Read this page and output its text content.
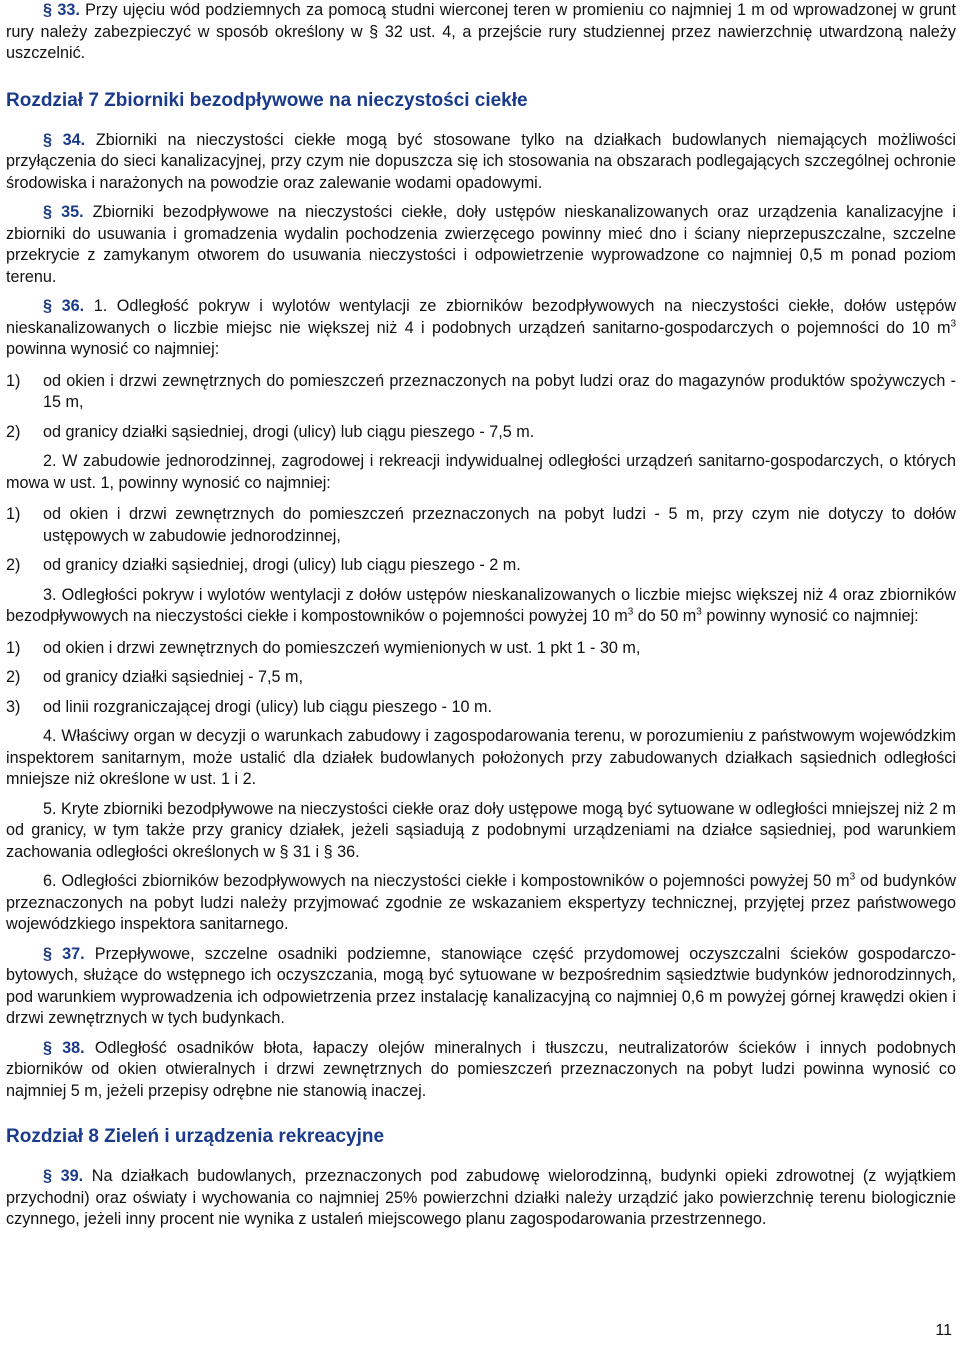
§ 33. Przy ujęciu wód podziemnych za pomocą studni wierconej teren w promieniu co najmniej 1 m od wprowadzonej w grunt rury należy zabezpieczyć w sposób określony w § 32 ust. 4, a przejście rury studziennej przez nawierzchnię utwardzoną należy uszczelnić.

Rozdział 7 Zbiorniki bezodpływowe na nieczystości ciekłe

§ 34. Zbiorniki na nieczystości ciekłe mogą być stosowane tylko na działkach budowlanych niemających możliwości przyłączenia do sieci kanalizacyjnej, przy czym nie dopuszcza się ich stosowania na obszarach podlegających szczególnej ochronie środowiska i narażonych na powodzie oraz zalewanie wodami opadowymi.

§ 35. Zbiorniki bezodpływowe na nieczystości ciekłe, doły ustępów nieskanalizowanych oraz urządzenia kanalizacyjne i zbiorniki do usuwania i gromadzenia wydalin pochodzenia zwierzęcego powinny mieć dno i ściany nieprzepuszczalne, szczelne przekrycie z zamykanym otworem do usuwania nieczystości i odpowietrzenie wyprowadzone co najmniej 0,5 m ponad poziom terenu.

§ 36. 1. Odległość pokryw i wylotów wentylacji ze zbiorników bezodpływowych na nieczystości ciekłe, dołów ustępów nieskanalizowanych o liczbie miejsc nie większej niż 4 i podobnych urządzeń sanitarno-gospodarczych o pojemności do 10 $m^3$ powinna wynosić co najmniej:

1) od okien i drzwi zewnętrznych do pomieszczeń przeznaczonych na pobyt ludzi oraz do magazynów produktów spożywczych - 15 m,
2) od granicy działki sąsiedniej, drogi (ulicy) lub ciągu pieszego - 7,5 m.

2. W zabudowie jednorodzinnej, zagrodowej i rekreacji indywidualnej odległości urządzeń sanitarno-gospodarczych, o których mowa w ust. 1, powinny wynosić co najmniej:

1) od okien i drzwi zewnętrznych do pomieszczeń przeznaczonych na pobyt ludzi - 5 m, przy czym nie dotyczy to dołów ustępowych w zabudowie jednorodzinnej,
2) od granicy działki sąsiedniej, drogi (ulicy) lub ciągu pieszego - 2 m.

3. Odległości pokryw i wylotów wentylacji z dołów ustępów nieskanalizowanych o liczbie miejsc większej niż 4 oraz zbiorników bezodpływowych na nieczystości ciekłe i kompostowników o pojemności powyżej 10 $m^3$ do 50 $m^3$ powinny wynosić co najmniej:

1) od okien i drzwi zewnętrznych do pomieszczeń wymienionych w ust. 1 pkt 1 - 30 m,
2) od granicy działki sąsiedniej - 7,5 m,
3) od linii rozgraniczającej drogi (ulicy) lub ciągu pieszego - 10 m.

4. Właściwy organ w decyzji o warunkach zabudowy i zagospodarowania terenu, w porozumieniu z państwowym wojewódzkim inspektorem sanitarnym, może ustalić dla działek budowlanych położonych przy zabudowanych działkach sąsiednich odległości mniejsze niż określone w ust. 1 i 2.

5. Kryte zbiorniki bezodpływowe na nieczystości ciekłe oraz doły ustępowe mogą być sytuowane w odległości mniejszej niż 2 m od granicy, w tym także przy granicy działek, jeżeli sąsiadują z podobnymi urządzeniami na działce sąsiedniej, pod warunkiem zachowania odległości określonych w § 31 i § 36.

6. Odległości zbiorników bezodpływowych na nieczystości ciekłe i kompostowników o pojemności powyżej 50 $m^3$ od budynków przeznaczonych na pobyt ludzi należy przyjmować zgodnie ze wskazaniem ekspertyzy technicznej, przyjętej przez państwowego wojewódzkiego inspektora sanitarnego.

§ 37. Przepływowe, szczelne osadniki podziemne, stanowiące część przydomowej oczyszczalni ścieków gospodarczo-bytowych, służące do wstępnego ich oczyszczania, mogą być sytuowane w bezpośrednim sąsiedztwie budynków jednorodzinnych, pod warunkiem wyprowadzenia ich odpowietrzenia przez instalację kanalizacyjną co najmniej 0,6 m powyżej górnej krawędzi okien i drzwi zewnętrznych w tych budynkach.

§ 38. Odległość osadników błota, łapaczy olejów mineralnych i tłuszczu, neutralizatorów ścieków i innych podobnych zbiorników od okien otwieralnych i drzwi zewnętrznych do pomieszczeń przeznaczonych na pobyt ludzi powinna wynosić co najmniej 5 m, jeżeli przepisy odrębne nie stanowią inaczej.

Rozdział 8 Zieleń i urządzenia rekreacyjne

§ 39. Na działkach budowlanych, przeznaczonych pod zabudowę wielorodzinną, budynki opieki zdrowotnej (z wyjątkiem przychodni) oraz oświaty i wychowania co najmniej 25% powierzchni działki należy urządzić jako powierzchnię terenu biologicznie czynnego, jeżeli inny procent nie wynika z ustaleń miejscowego planu zagospodarowania przestrzennego.

11
